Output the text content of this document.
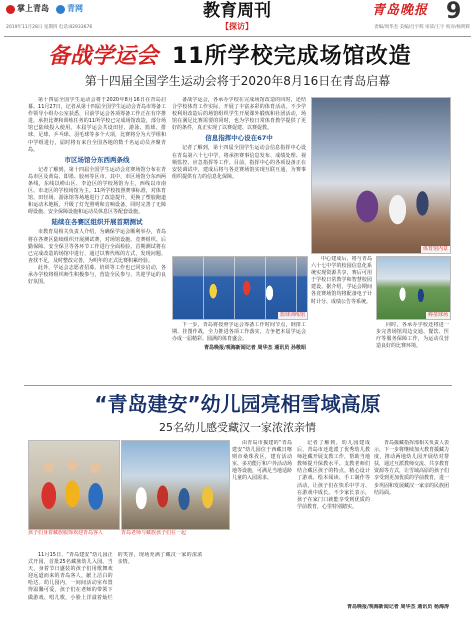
掌上青岛 青网
2019年11月28日 星期四 电话:82933676
教育周刊
【探访】
青岛晚报 9
责编/周华杰 美编/吕宇辉 审读/王宇 校对/杨明辉
备战学运会 11所学校完成场馆改造
第十四届全国学生运动会将于2020年8月16日在青岛启幕

第十四届全国学生运动会将于2020年8月16日在青岛启幕。11月27日，记者从第十四届全国学生运动会青岛市筹备工作领导小组办公室获悉，目前学运会各项筹备工作正在有序推进，承担比赛和训练任务的11所学校已完成场馆改造，部分场馆已陆续投入使用。本届学运会共设田径、游泳、篮球、排球、足球、乒乓球、羽毛球等多个大项，比赛将分为大学组和中学组进行，届时将有来自全国各地的数千名运动员齐聚青岛。

市区场馆分东西两条线

记者了解到，第十四届全国学生运动会竞赛场馆分布在青岛市区及黄岛、即墨、胶州等区市。其中，市区场馆分东西两条线，东线以崂山区、李沧区的学校场馆为主，西线以市南区、市北区的学校场馆为主。11所学校按照赛事标准，对体育馆、田径场、游泳馆等场地进行了改造提升，更换了塑胶跑道和运动木地板，升级了灯光照明和音响设备，同时完善了无障碍设施、安全保障设施和运动员休息区等配套设施。

陆续在各赛区组织开展首期测试

市教育局相关负责人介绍，为确保学运会顺利举办，青岛将在各赛区陆续组织开展测试赛，对场馆设施、竞赛组织、后勤保障、安全保卫等各环节工作进行全面检验。首期测试将在已完成改造的场馆中进行，通过以赛代练的方式，发现问题、查找不足，及时整改完善，为明年的正式比赛积累经验。

此外，学运会志愿者招募、培训等工作也已同步启动，各承办学校将组织师生积极参与，营造全民参与、共迎学运的良好氛围。

备战学运会，各承办学校在完成场馆改造的同时，还结合学校体育工作实际，开展了丰富多彩的体育活动。不少学校利用改造后的场馆组织学生开展课外锻炼和社团活动，场馆在满足比赛需要的同时，也为学校日常体育教学提供了更好的条件，真正实现了以赛促建、以赛促教。

信息指挥中心设在67中

记者了解到，第十四届全国学生运动会信息指挥中心设在青岛第六十七中学，将承担赛事信息发布、成绩处理、视频监控、应急指挥等工作。目前，指挥中心的各项设备正在安装调试中，建成后将与各竞赛场馆实现互联互通，为赛事组织提供有力的信息化保障。

体育馆内景
篮球训练馆

中心建成后，将与青岛六十七中学的校园信息化系统实现资源共享，赛后可用于学校日常教学和智慧校园建设。据介绍，学运会期间各竞赛场馆均将配备电子计时计分、成绩公告等系统。

棒垒球场

同时，各承办学校还将进一步完善场馆周边交通、餐饮、医疗等服务保障工作，为运动员营造良好的比赛环境。

下一步，青岛将按照学运会筹备工作时间节点，倒排工期、挂图作战，全力推进各项工作落实，力争把本届学运会办成一届精彩、圆满的体育盛会。

青岛晚报/观海新闻记者 周华杰 通讯员 孙敬昭
“青岛建安”幼儿园亮相雪域高原
25名幼儿感受藏汉一家浓浓亲情
孩子们身着藏族服饰欢迎青岛客人	青岛老师与藏族孩子们在一起

由青岛市援建的“青岛建安”幼儿园位于西藏日喀则市桑珠孜区，建有活动室、多功能厅和户外活动场地等设施，可满足当地适龄儿童的入园需求。

11月15日，“青岛建安”幼儿园正式开园，首批25名藏族幼儿入园。当天，身着节日盛装的孩子们用歌舞欢迎远道而来的青岛客人，献上洁白的哈达。幼儿园内，一间间活动室布置得温馨可爱，孩子们在老师的带领下做游戏、唱儿歌，小脸上洋溢着灿烂的笑容，现场充满了藏汉一家的浓浓亲情。

记者了解到，幼儿园建成后，青岛市还选派了优秀幼儿教师赴藏开展支教工作，帮助当地教师提升保教水平。支教老师们结合藏区孩子的特点，精心设计了游戏、绘本阅读、手工制作等活动，让孩子们在快乐中学习、在游戏中成长。不少家长表示，孩子在家门口就能享受到优质的学前教育，心里特别踏实。

青岛援藏指挥部相关负责人表示，下一步将继续加大教育援藏力度，推动两地幼儿园开展结对帮扶，通过互派教师交流、共享教育资源等方式，让雪域高原的孩子们享受到更加优质的学前教育，进一步巩固和发展藏汉一家亲的民族团结局面。

青岛晚报/观海新闻记者 周华杰 通讯员 杨海涛
